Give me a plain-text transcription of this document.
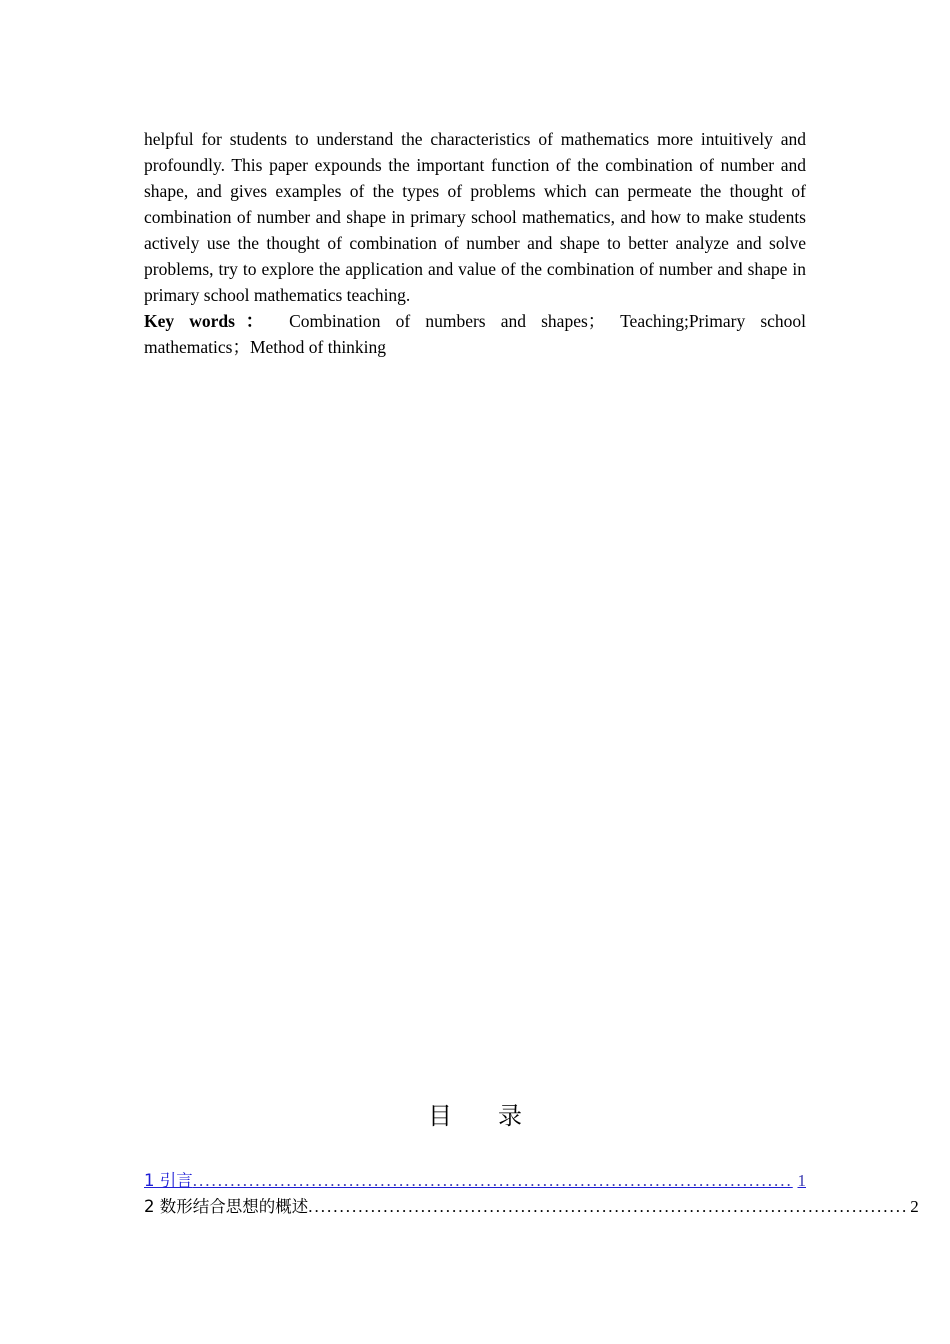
helpful for students to understand the characteristics of mathematics more intuitively and profoundly. This paper expounds the important function of the combination of number and shape, and gives examples of the types of problems which can permeate the thought of combination of number and shape in primary school mathematics, and how to make students actively use the thought of combination of number and shape to better analyze and solve problems, try to explore the application and value of the combination of number and shape in primary school mathematics teaching.

Key words： Combination of numbers and shapes； Teaching;Primary school mathematics；Method of thinking

目 录
1 引言 ................................................................................................ 1
2 数形结合思想的概述 ................................................................................................ 2
